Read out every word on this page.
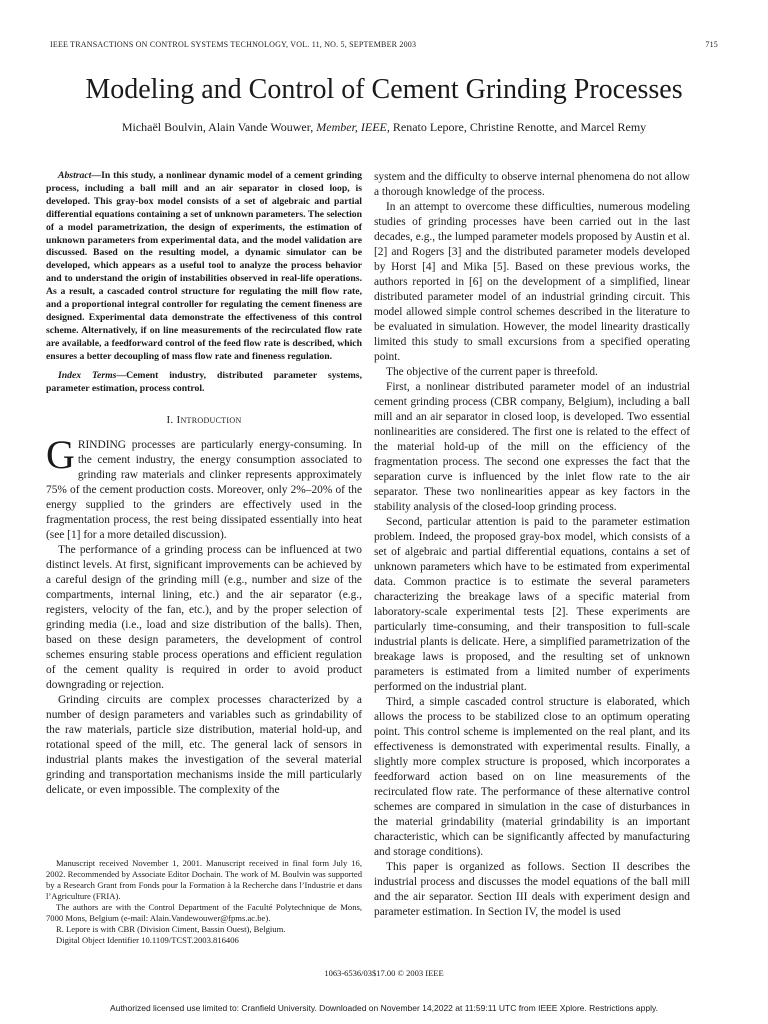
IEEE TRANSACTIONS ON CONTROL SYSTEMS TECHNOLOGY, VOL. 11, NO. 5, SEPTEMBER 2003	715
Modeling and Control of Cement Grinding Processes
Michaël Boulvin, Alain Vande Wouwer, Member, IEEE, Renato Lepore, Christine Renotte, and Marcel Remy
Abstract—In this study, a nonlinear dynamic model of a cement grinding process, including a ball mill and an air separator in closed loop, is developed. This gray-box model consists of a set of algebraic and partial differential equations containing a set of unknown parameters. The selection of a model parametrization, the design of experiments, the estimation of unknown parameters from experimental data, and the model validation are discussed. Based on the resulting model, a dynamic simulator can be developed, which appears as a useful tool to analyze the process behavior and to understand the origin of instabilities observed in real-life operations. As a result, a cascaded control structure for regulating the mill flow rate, and a proportional integral controller for regulating the cement fineness are designed. Experimental data demonstrate the effectiveness of this control scheme. Alternatively, if on line measurements of the recirculated flow rate are available, a feedforward control of the feed flow rate is described, which ensures a better decoupling of mass flow rate and fineness regulation.
Index Terms—Cement industry, distributed parameter systems, parameter estimation, process control.
I. Introduction

GRINDING processes are particularly energy-consuming. In the cement industry, the energy consumption associated to grinding raw materials and clinker represents approximately 75% of the cement production costs. Moreover, only 2%–20% of the energy supplied to the grinders are effectively used in the fragmentation process, the rest being dissipated essentially into heat (see [1] for a more detailed discussion).

The performance of a grinding process can be influenced at two distinct levels. At first, significant improvements can be achieved by a careful design of the grinding mill (e.g., number and size of the compartments, internal lining, etc.) and the air separator (e.g., registers, velocity of the fan, etc.), and by the proper selection of grinding media (i.e., load and size distribution of the balls). Then, based on these design parameters, the development of control schemes ensuring stable process operations and efficient regulation of the cement quality is required in order to avoid product downgrading or rejection.

Grinding circuits are complex processes characterized by a number of design parameters and variables such as grindability of the raw materials, particle size distribution, material hold-up, and rotational speed of the mill, etc. The general lack of sensors in industrial plants makes the investigation of the several material grinding and transportation mechanisms inside the mill particularly delicate, or even impossible. The complexity of the

system and the difficulty to observe internal phenomena do not allow a thorough knowledge of the process.

In an attempt to overcome these difficulties, numerous modeling studies of grinding processes have been carried out in the last decades, e.g., the lumped parameter models proposed by Austin et al. [2] and Rogers [3] and the distributed parameter models developed by Horst [4] and Mika [5]. Based on these previous works, the authors reported in [6] on the development of a simplified, linear distributed parameter model of an industrial grinding circuit. This model allowed simple control schemes described in the literature to be evaluated in simulation. However, the model linearity drastically limited this study to small excursions from a specified operating point.

The objective of the current paper is threefold.

First, a nonlinear distributed parameter model of an industrial cement grinding process (CBR company, Belgium), including a ball mill and an air separator in closed loop, is developed. Two essential nonlinearities are considered. The first one is related to the effect of the material hold-up of the mill on the efficiency of the fragmentation process. The second one expresses the fact that the separation curve is influenced by the inlet flow rate to the air separator. These two nonlinearities appear as key factors in the stability analysis of the closed-loop grinding process.

Second, particular attention is paid to the parameter estimation problem. Indeed, the proposed gray-box model, which consists of a set of algebraic and partial differential equations, contains a set of unknown parameters which have to be estimated from experimental data. Common practice is to estimate the several parameters characterizing the breakage laws of a specific material from laboratory-scale experimental tests [2]. These experiments are particularly time-consuming, and their transposition to full-scale industrial plants is delicate. Here, a simplified parametrization of the breakage laws is proposed, and the resulting set of unknown parameters is estimated from a limited number of experiments performed on the industrial plant.

Third, a simple cascaded control structure is elaborated, which allows the process to be stabilized close to an optimum operating point. This control scheme is implemented on the real plant, and its effectiveness is demonstrated with experimental results. Finally, a slightly more complex structure is proposed, which incorporates a feedforward action based on on line measurements of the recirculated flow rate. The performance of these alternative control schemes are compared in simulation in the case of disturbances in the material grindability (material grindability is an important characteristic, which can be significantly affected by manufacturing and storage conditions).

This paper is organized as follows. Section II describes the industrial process and discusses the model equations of the ball mill and the air separator. Section III deals with experiment design and parameter estimation. In Section IV, the model is used

Manuscript received November 1, 2001. Manuscript received in final form July 16, 2002. Recommended by Associate Editor Dochain. The work of M. Boulvin was supported by a Research Grant from Fonds pour la Formation à la Recherche dans l’Industrie et dans l’Agriculture (FRIA).

The authors are with the Control Department of the Faculté Polytechnique de Mons, 7000 Mons, Belgium (e-mail: Alain.Vandewouwer@fpms.ac.be).

R. Lepore is with CBR (Division Ciment, Bassin Ouest), Belgium.

Digital Object Identifier 10.1109/TCST.2003.816406

1063-6536/03$17.00 © 2003 IEEE
Authorized licensed use limited to: Cranfield University. Downloaded on November 14,2022 at 11:59:11 UTC from IEEE Xplore. Restrictions apply.
